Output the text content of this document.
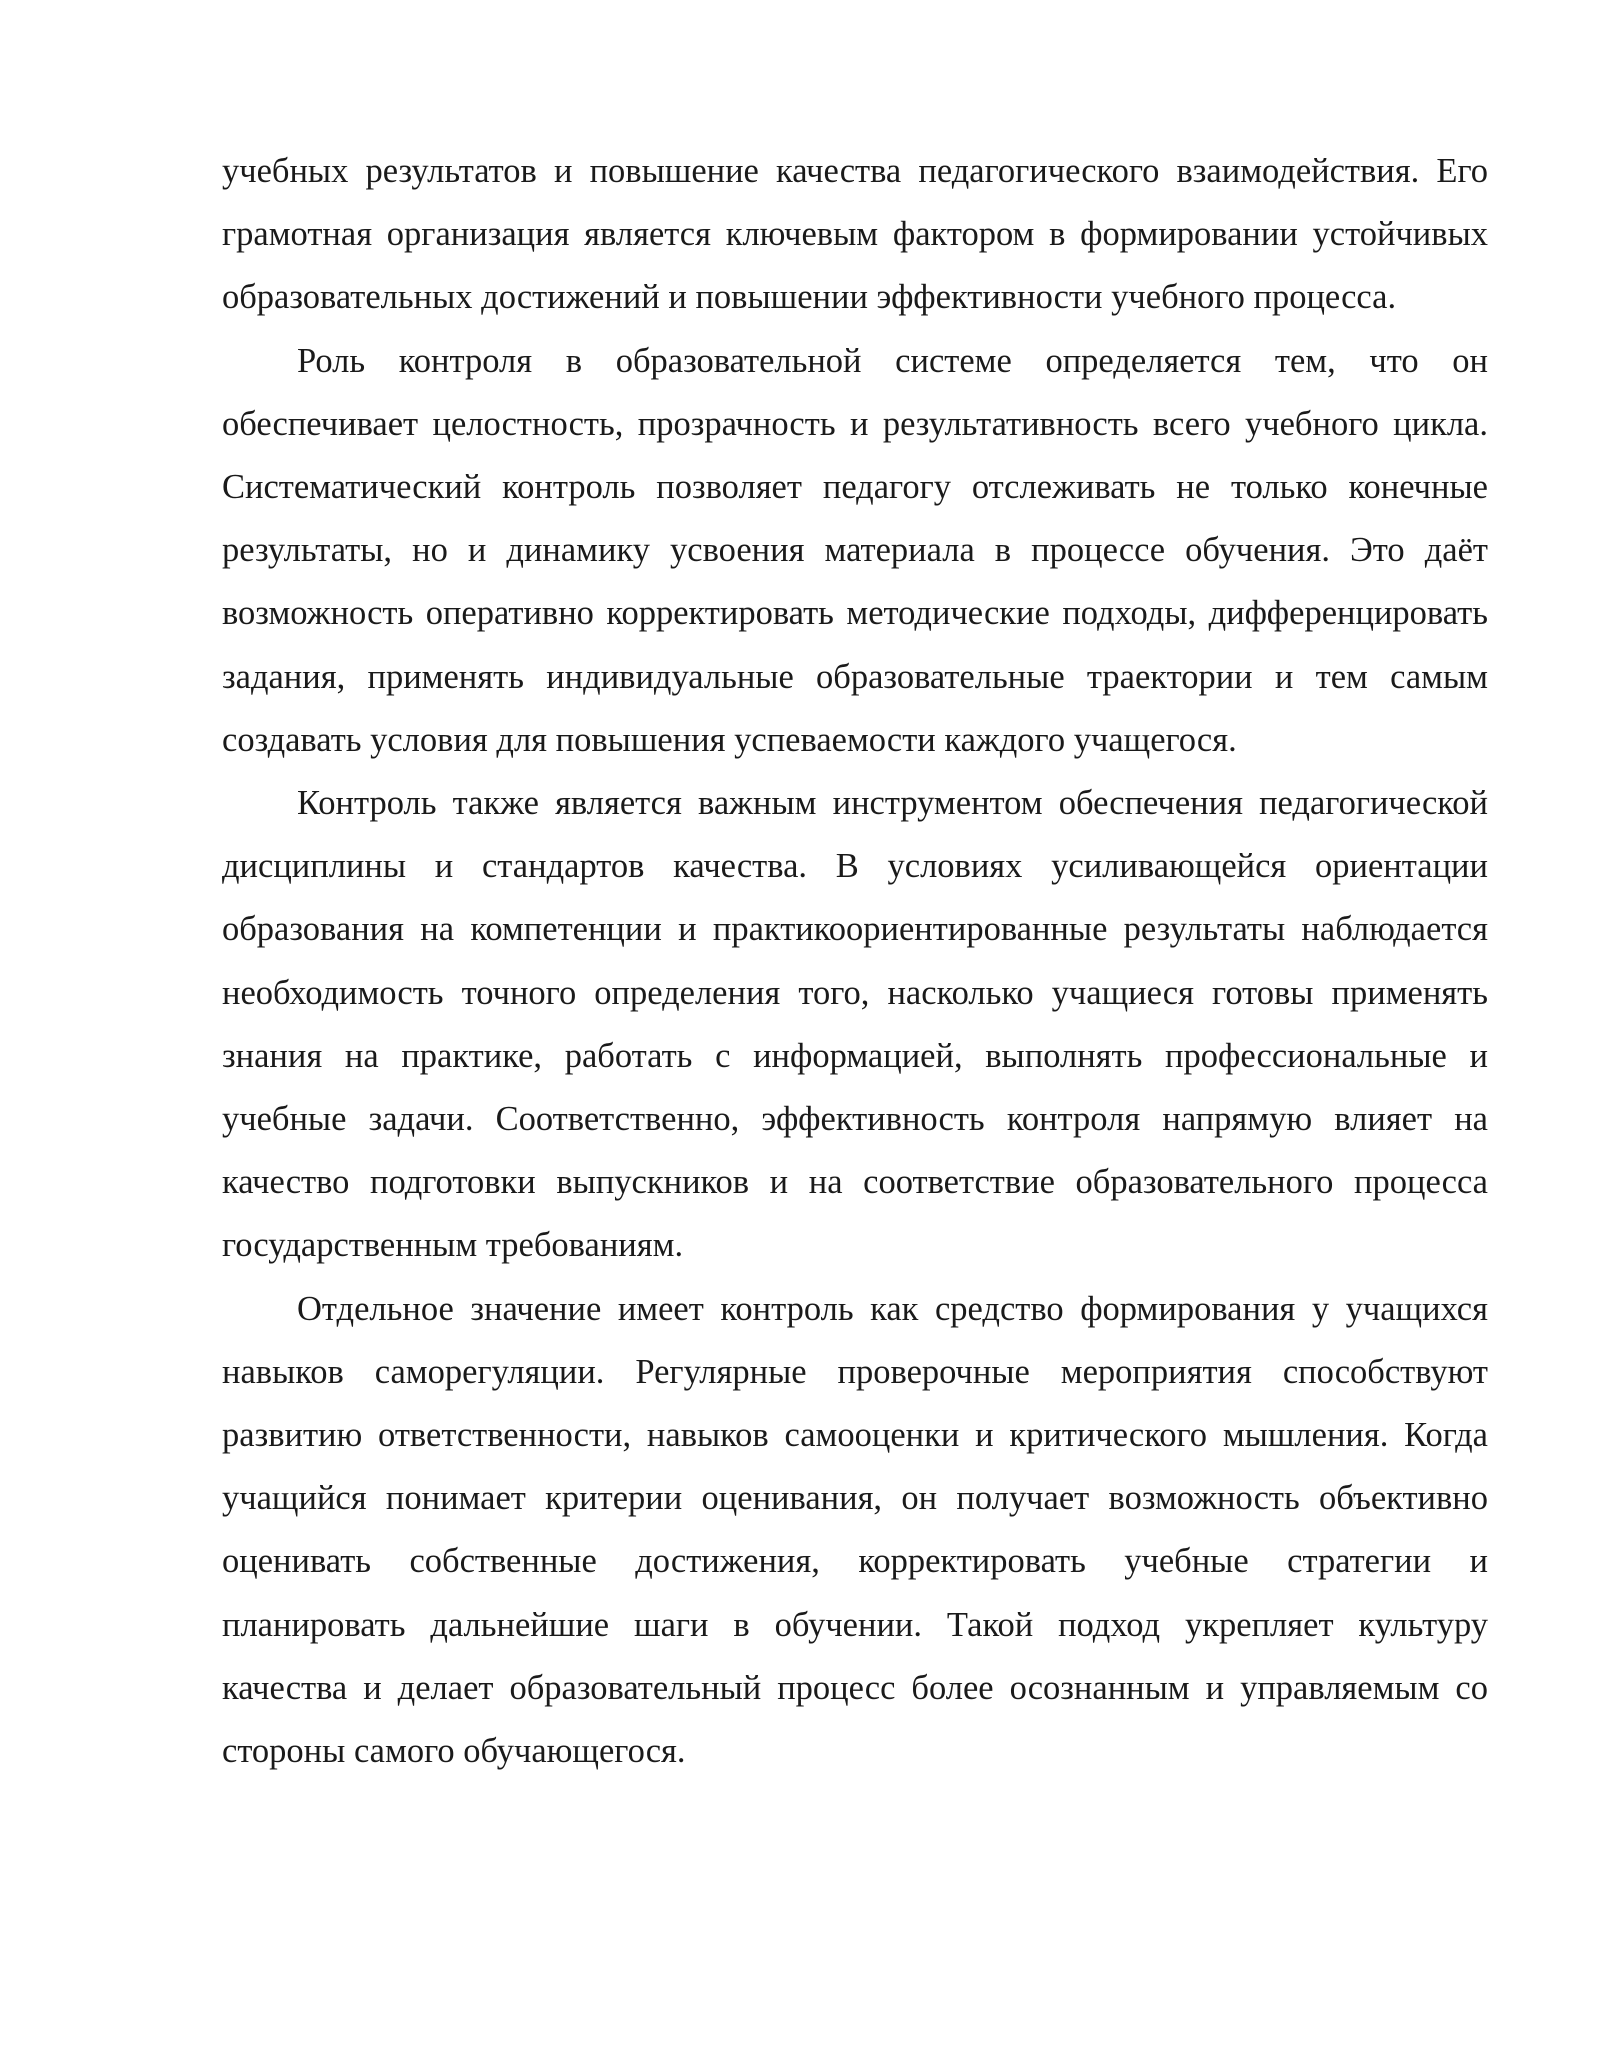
учебных результатов и повышение качества педагогического взаимодействия. Его грамотная организация является ключевым фактором в формировании устойчивых образовательных достижений и повышении эффективности учебного процесса.

Роль контроля в образовательной системе определяется тем, что он обеспечивает целостность, прозрачность и результативность всего учебного цикла. Систематический контроль позволяет педагогу отслеживать не только конечные результаты, но и динамику усвоения материала в процессе обучения. Это даёт возможность оперативно корректировать методические подходы, дифференцировать задания, применять индивидуальные образовательные траектории и тем самым создавать условия для повышения успеваемости каждого учащегося.

Контроль также является важным инструментом обеспечения педагогической дисциплины и стандартов качества. В условиях усиливающейся ориентации образования на компетенции и практикоориентированные результаты наблюдается необходимость точного определения того, насколько учащиеся готовы применять знания на практике, работать с информацией, выполнять профессиональные и учебные задачи. Соответственно, эффективность контроля напрямую влияет на качество подготовки выпускников и на соответствие образовательного процесса государственным требованиям.

Отдельное значение имеет контроль как средство формирования у учащихся навыков саморегуляции. Регулярные проверочные мероприятия способствуют развитию ответственности, навыков самооценки и критического мышления. Когда учащийся понимает критерии оценивания, он получает возможность объективно оценивать собственные достижения, корректировать учебные стратегии и планировать дальнейшие шаги в обучении. Такой подход укрепляет культуру качества и делает образовательный процесс более осознанным и управляемым со стороны самого обучающегося.
